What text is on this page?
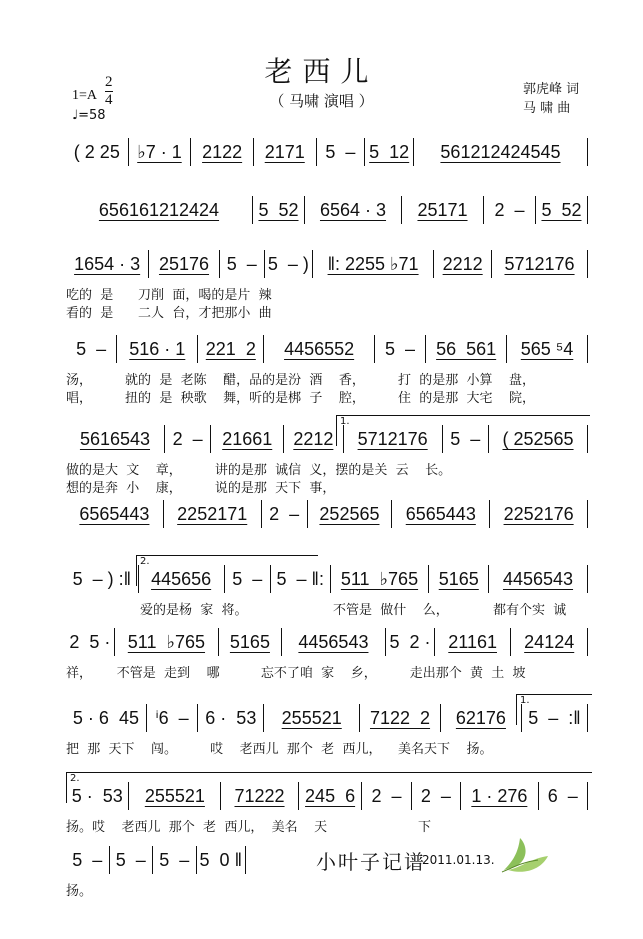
老西儿
（ 马啸 演唱 ）
$1=A \frac{2}{4}$
♩=58
郭虎峰 词
马 啸 曲
( 2 25 ♭7 · 1	2122	2171	5  – 5  12	561212424545
656161212424	5  52	6564 · 3	25171	2  – 5  52
1654 · 3	25176 5  – 5  – )	‖: 2255 ♭71	2212	5712176
吃的  是      刀削  面，喝的是片  辣
看的  是      二人  台，才把那小  曲
5  –	516 · 1	221  2	4456552	5  –	56  561	565 ⁵4
汤，        就的  是  老陈    醋，品的是汾  酒    香，        打  的是那  小算    盘，
唱，        扭的  是  秧歌    舞，听的是梆  子    腔，        住  的是那  大宅    院，
5616543	2  –	21661	2212	5712176	5  –	( 252565
1.
做的是大  文    章，        讲的是那  诚信  义，摆的是关  云    长。
想的是奔  小    康，        说的是那  天下  事，
6565443	2252171	2  –	252565	6565443	2252176
5  – ) :‖	445656	5  – 5  – ‖: 511  ♭765	5165	4456543
2.
爱的是杨  家  将。	不管是  做什    么，	都有个实  诚
2  5 · 511  ♭765	5165	4456543	5  2 · 21161	24124
祥，      不管是  走到    哪          忘不了咱  家    乡，        走出那个  黄  土  坡
5 · 6  45 ⁱ6  – 6 ·  53	255521	7122  2	62176	5  –  :‖
1.
把  那  天下    闯。        哎    老西儿  那个  老  西儿，    美名天下    扬。
5 ·  53	255521	71222	245  6 2  –	2  –	1 · 276	6  –
2.
扬。哎    老西儿  那个  老  西儿，  美名    天                      下
5  – 5  – 5  – 5  0 ‖
扬。
小叶子记谱
2011.01.13.
